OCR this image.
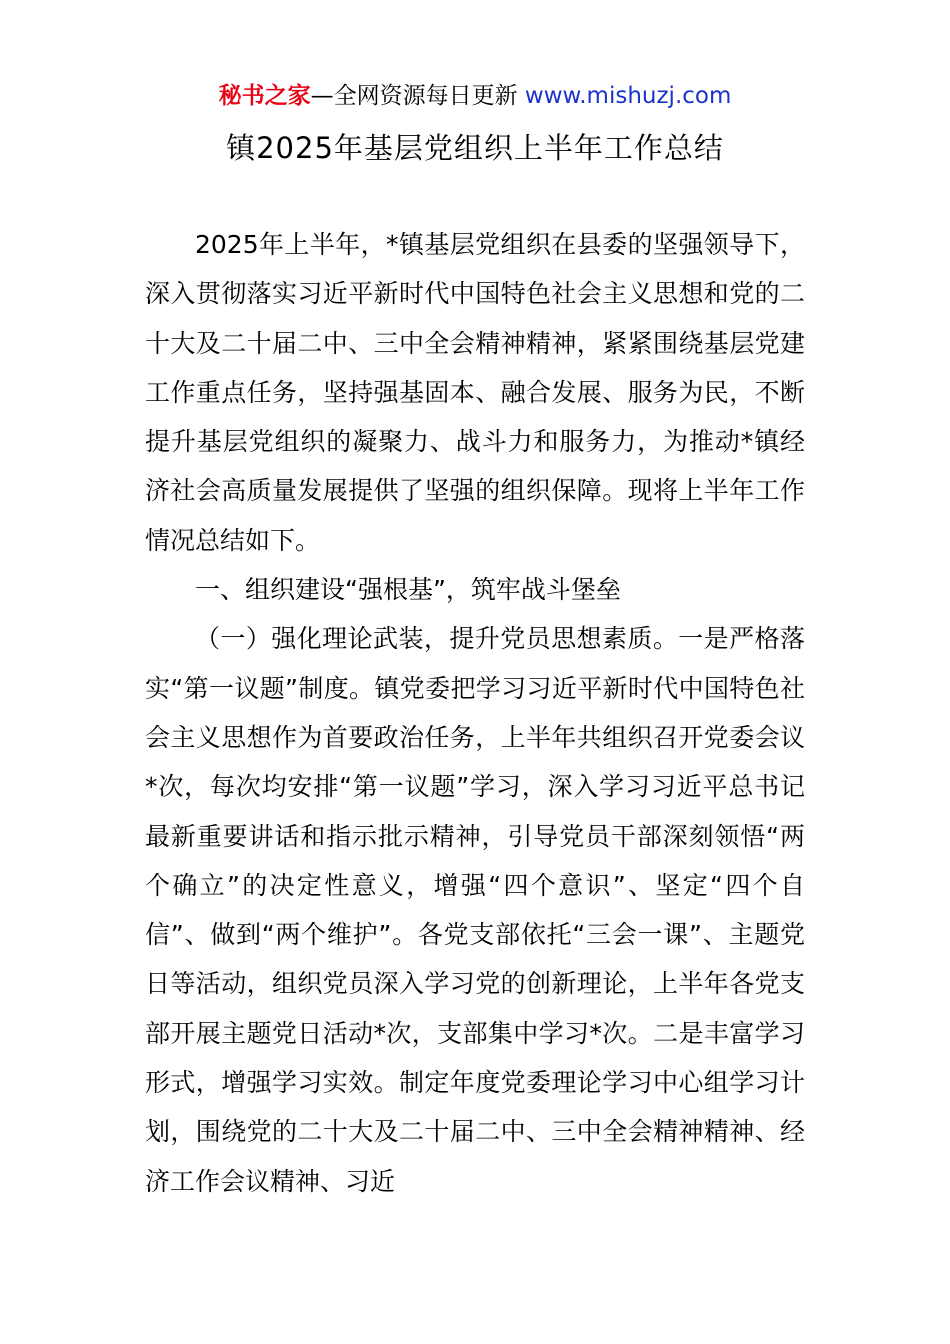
秘书之家—全网资源每日更新 www.mishuzj.com
镇2025年基层党组织上半年工作总结

2025年上半年，*镇基层党组织在县委的坚强领导下，深入贯彻落实习近平新时代中国特色社会主义思想和党的二十大及二十届二中、三中全会精神精神，紧紧围绕基层党建工作重点任务，坚持强基固本、融合发展、服务为民，不断提升基层党组织的凝聚力、战斗力和服务力，为推动*镇经济社会高质量发展提供了坚强的组织保障。现将上半年工作情况总结如下。

一、组织建设“强根基”，筑牢战斗堡垒

（一）强化理论武装，提升党员思想素质。一是严格落实“第一议题”制度。镇党委把学习习近平新时代中国特色社会主义思想作为首要政治任务，上半年共组织召开党委会议*次，每次均安排“第一议题”学习，深入学习习近平总书记最新重要讲话和指示批示精神，引导党员干部深刻领悟“两个确立”的决定性意义，增强“四个意识”、坚定“四个自信”、做到“两个维护”。各党支部依托“三会一课”、主题党日等活动，组织党员深入学习党的创新理论，上半年各党支部开展主题党日活动*次，支部集中学习*次。二是丰富学习形式，增强学习实效。制定年度党委理论学习中心组学习计划，围绕党的二十大及二十届二中、三中全会精神精神、经济工作会议精神、习近
